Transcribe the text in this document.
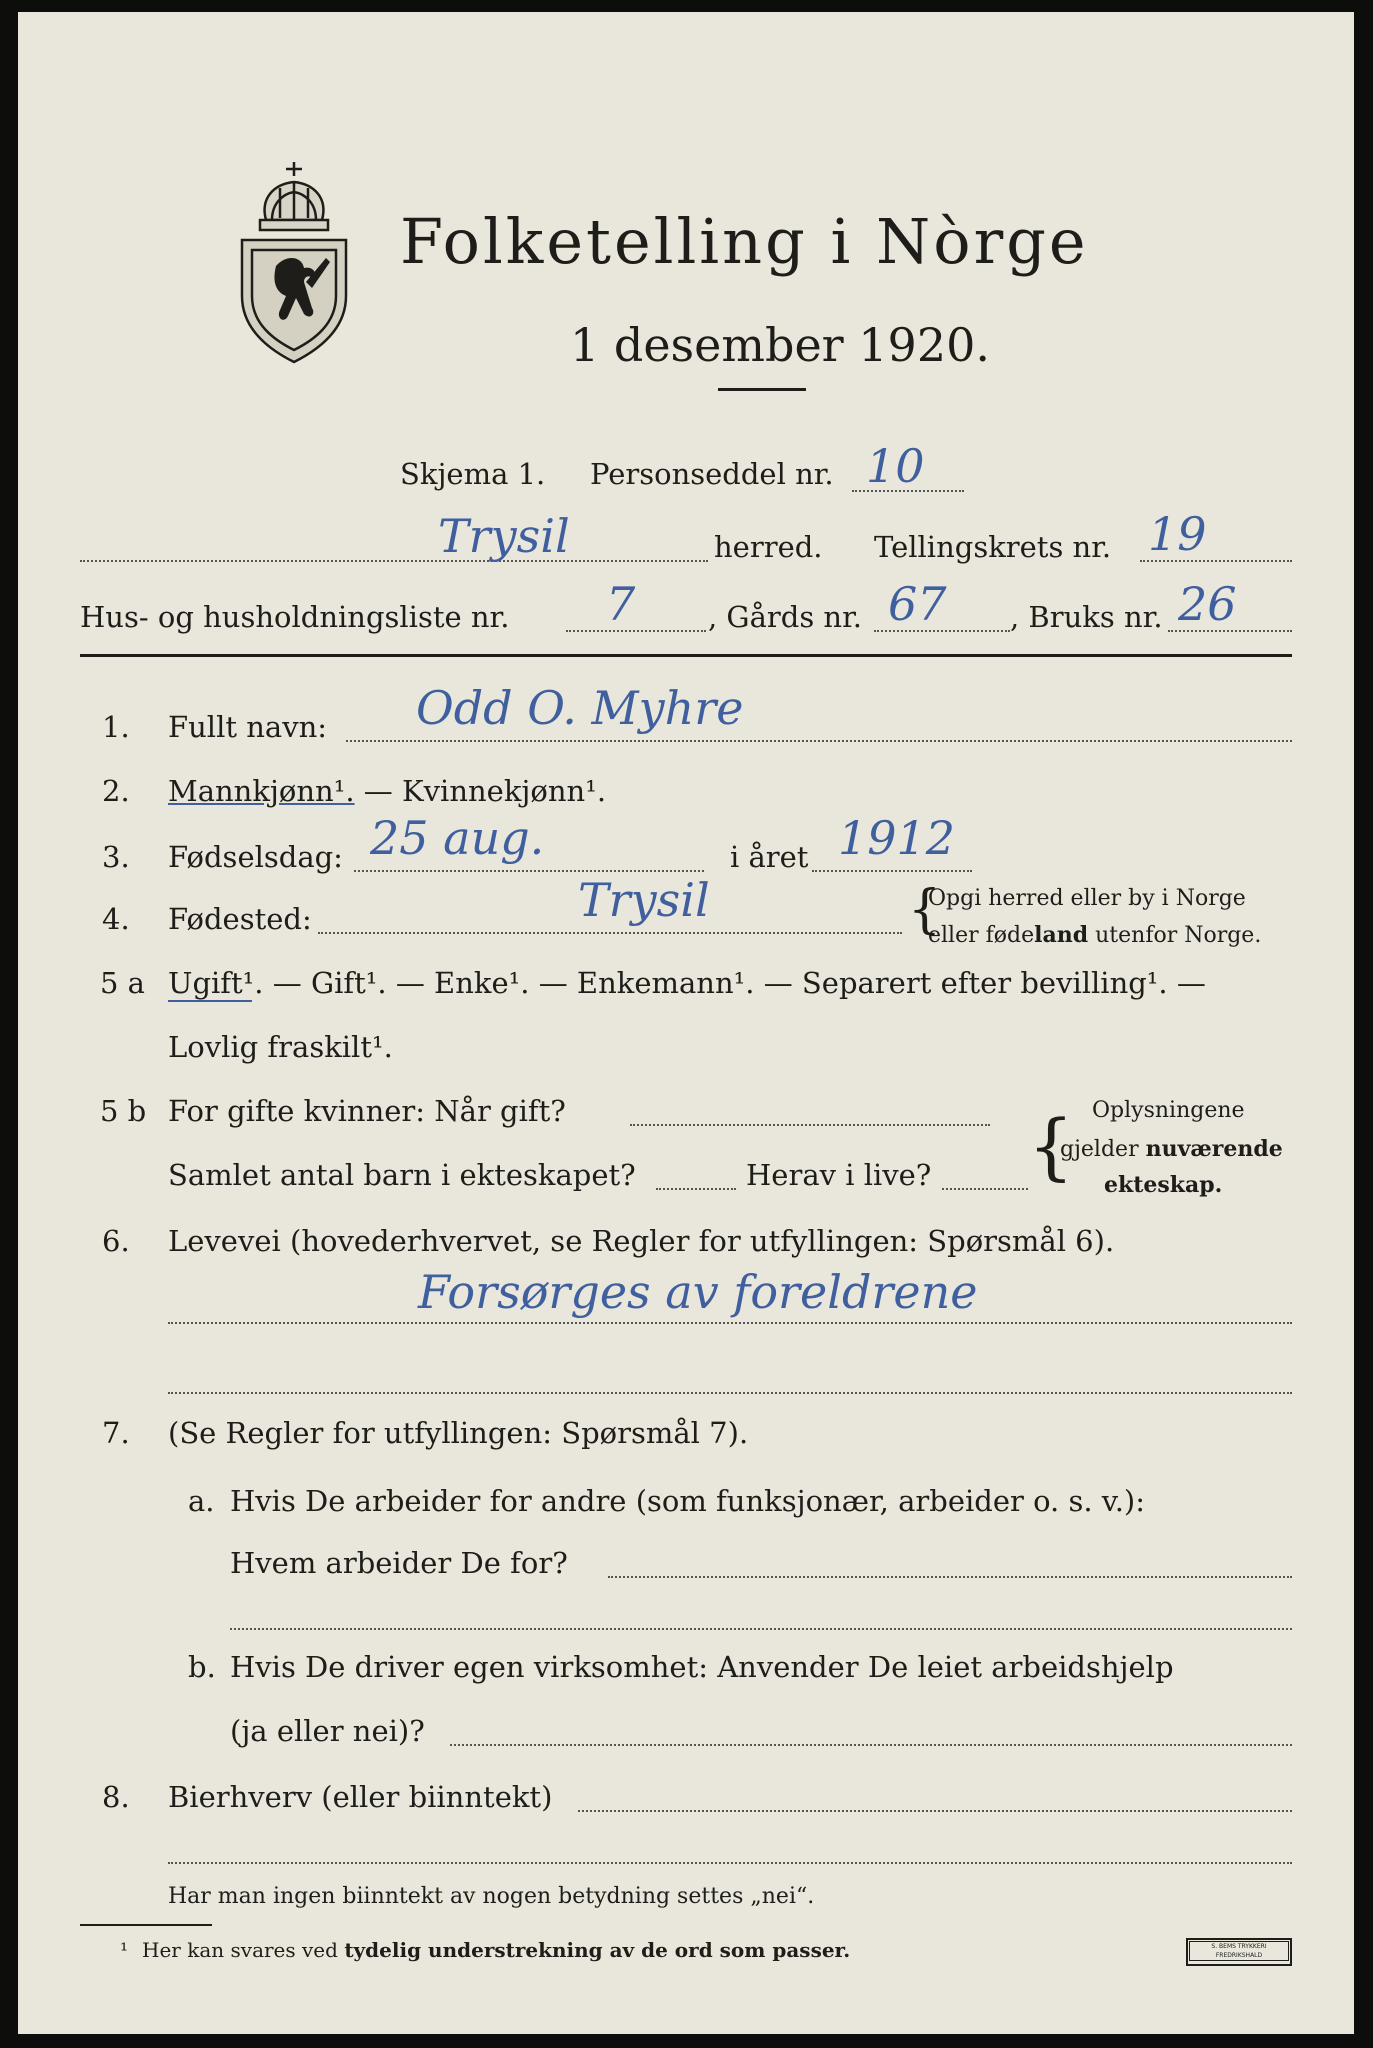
Folketelling i Nòrge
1 desember 1920.
Skjema 1. Personseddel nr. 10
Trysil	herred. Tellingskrets nr. 19
Hus- og husholdningsliste nr. 7	, Gårds nr. 67 , Bruks nr. 26
1. Fullt navn: Odd O. Myhre
2. Mannkjønn¹. — Kvinnekjønn¹.
3. Fødselsdag: 25 aug.	i året 1912
4. Fødested:	Trysil	{
Opgi herred eller by i Norge
eller fødeland utenfor Norge.
5 a Ugift¹. — Gift¹. — Enke¹. — Enkemann¹. — Separert efter bevilling¹. —
Lovlig fraskilt¹.
5 b For gifte kvinner: Når gift?
Samlet antal barn i ekteskapet?	Herav i live? { Oplysningene
gjelder nuværende
ekteskap.
6. Levevei (hovederhvervet, se Regler for utfyllingen: Spørsmål 6).
Forsørges av foreldrene
7. (Se Regler for utfyllingen: Spørsmål 7).
a. Hvis De arbeider for andre (som funksjonær, arbeider o. s. v.):
Hvem arbeider De for?
b. Hvis De driver egen virksomhet: Anvender De leiet arbeidshjelp
(ja eller nei)?
8. Bierhverv (eller biinntekt)
Har man ingen biinntekt av nogen betydning settes „nei“.
¹ Her kan svares ved tydelig understrekning av de ord som passer.	S. BEMS TRYKKERI FREDRIKSHALD
